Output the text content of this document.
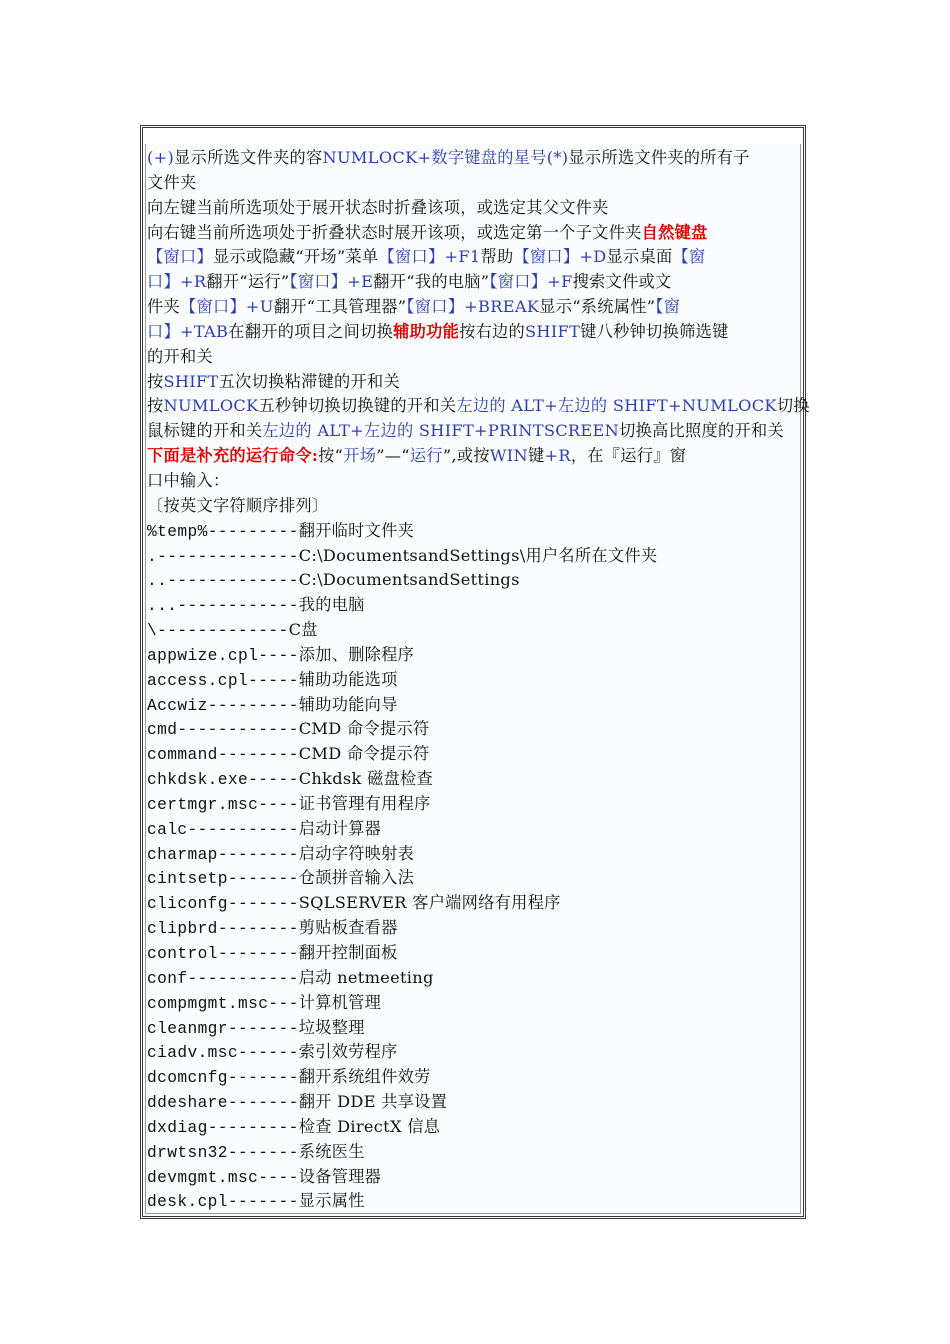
(+)显示所选文件夹的容NUMLOCK+数字键盘的星号(*)显示所选文件夹的所有子
文件夹
向左键当前所选项处于展开状态时折叠该项，或选定其父文件夹
向右键当前所选项处于折叠状态时展开该项，或选定第一个子文件夹自然键盘
【窗口】显示或隐藏“开场”菜单【窗口】+F1帮助【窗口】+D显示桌面【窗
口】+R翻开“运行”【窗口】+E翻开“我的电脑”【窗口】+F搜索文件或文
件夹【窗口】+U翻开“工具管理器”【窗口】+BREAK显示“系统属性”【窗
口】+TAB在翻开的项目之间切换辅助功能按右边的SHIFT键八秒钟切换筛选键
的开和关
按SHIFT五次切换粘滞键的开和关
按NUMLOCK五秒钟切换切换键的开和关左边的 ALT+左边的 SHIFT+NUMLOCK切换
鼠标键的开和关左边的 ALT+左边的 SHIFT+PRINTSCREEN切换高比照度的开和关
下面是补充的运行命令:按“开场”—“运行”,或按WIN键+R，在『运行』窗
口中输入：
〔按英文字符顺序排列〕
%temp%---------翻开临时文件夹
.--------------C:\DocumentsandSettings\用户名所在文件夹
..-------------C:\DocumentsandSettings
...------------我的电脑
\-------------C盘
appwize.cpl----添加、删除程序
access.cpl-----辅助功能选项
Accwiz---------辅助功能向导
cmd------------CMD 命令提示符
command--------CMD 命令提示符
chkdsk.exe-----Chkdsk 磁盘检查
certmgr.msc----证书管理有用程序
calc-----------启动计算器
charmap--------启动字符映射表
cintsetp-------仓颉拼音输入法
cliconfg-------SQLSERVER 客户端网络有用程序
clipbrd--------剪贴板查看器
control--------翻开控制面板
conf-----------启动 netmeeting
compmgmt.msc---计算机管理
cleanmgr-------垃圾整理
ciadv.msc------索引效劳程序
dcomcnfg-------翻开系统组件效劳
ddeshare-------翻开 DDE 共享设置
dxdiag---------检查 DirectX 信息
drwtsn32-------系统医生
devmgmt.msc----设备管理器
desk.cpl-------显示属性
